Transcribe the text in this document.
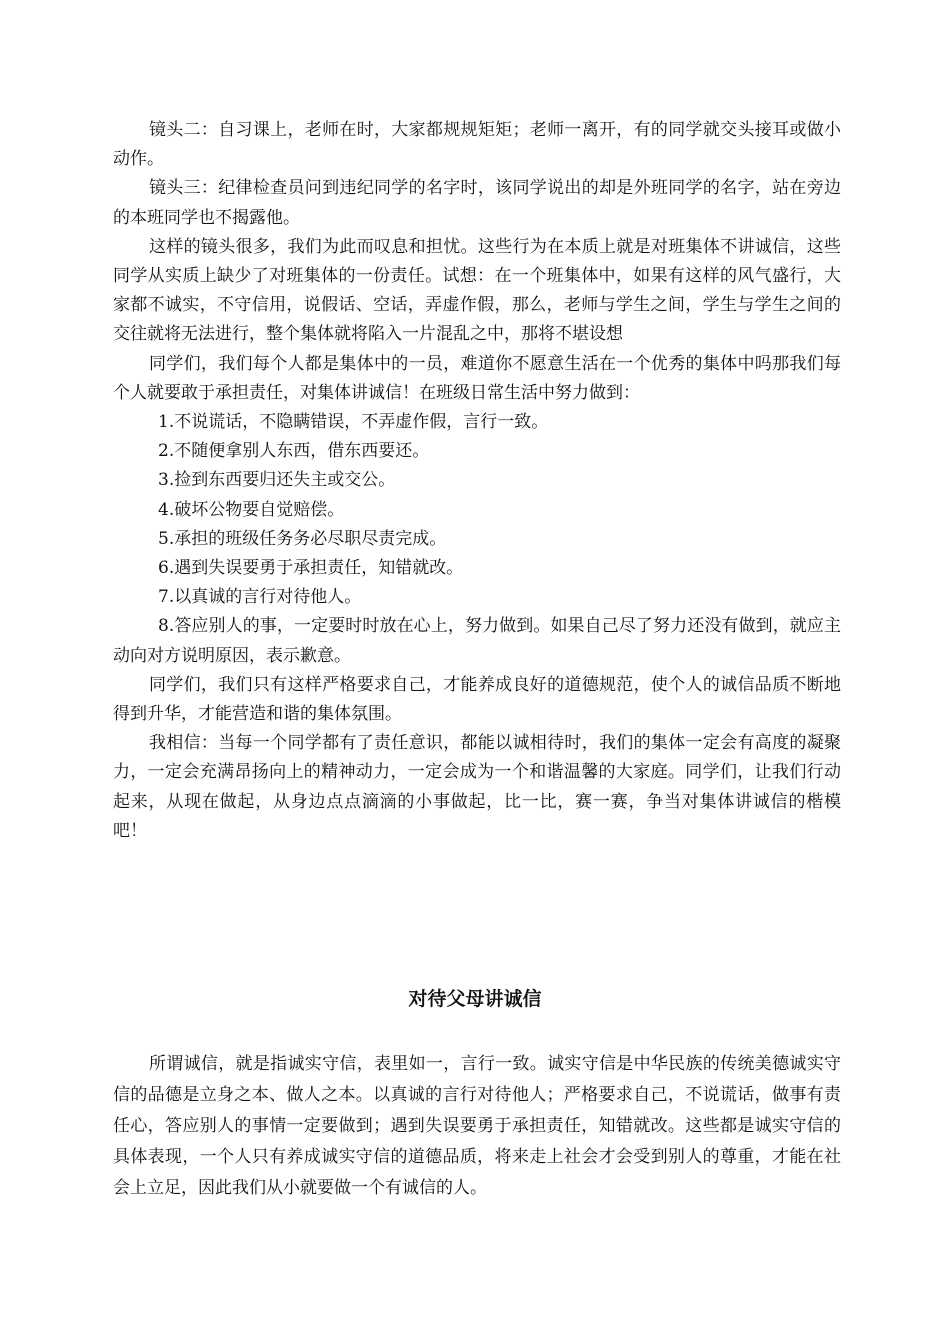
镜头二：自习课上，老师在时，大家都规规矩矩；老师一离开，有的同学就交头接耳或做小动作。

镜头三：纪律检查员问到违纪同学的名字时，该同学说出的却是外班同学的名字，站在旁边的本班同学也不揭露他。

这样的镜头很多，我们为此而叹息和担忧。这些行为在本质上就是对班集体不讲诚信，这些同学从实质上缺少了对班集体的一份责任。试想：在一个班集体中，如果有这样的风气盛行，大家都不诚实，不守信用，说假话、空话，弄虚作假，那么，老师与学生之间，学生与学生之间的交往就将无法进行，整个集体就将陷入一片混乱之中，那将不堪设想

同学们，我们每个人都是集体中的一员，难道你不愿意生活在一个优秀的集体中吗那我们每个人就要敢于承担责任，对集体讲诚信！在班级日常生活中努力做到：

1.不说谎话，不隐瞒错误，不弄虚作假，言行一致。

2.不随便拿别人东西，借东西要还。

3.捡到东西要归还失主或交公。

4.破坏公物要自觉赔偿。

5.承担的班级任务务必尽职尽责完成。

6.遇到失误要勇于承担责任，知错就改。

7.以真诚的言行对待他人。

8.答应别人的事，一定要时时放在心上，努力做到。如果自己尽了努力还没有做到，就应主动向对方说明原因，表示歉意。

同学们，我们只有这样严格要求自己，才能养成良好的道德规范，使个人的诚信品质不断地得到升华，才能营造和谐的集体氛围。

我相信：当每一个同学都有了责任意识，都能以诚相待时，我们的集体一定会有高度的凝聚力，一定会充满昂扬向上的精神动力，一定会成为一个和谐温馨的大家庭。同学们，让我们行动起来，从现在做起，从身边点点滴滴的小事做起，比一比，赛一赛，争当对集体讲诚信的楷模吧！

对待父母讲诚信

所谓诚信，就是指诚实守信，表里如一，言行一致。诚实守信是中华民族的传统美德诚实守信的品德是立身之本、做人之本。以真诚的言行对待他人；严格要求自己，不说谎话，做事有责任心，答应别人的事情一定要做到；遇到失误要勇于承担责任，知错就改。这些都是诚实守信的具体表现，一个人只有养成诚实守信的道德品质，将来走上社会才会受到别人的尊重，才能在社会上立足，因此我们从小就要做一个有诚信的人。
